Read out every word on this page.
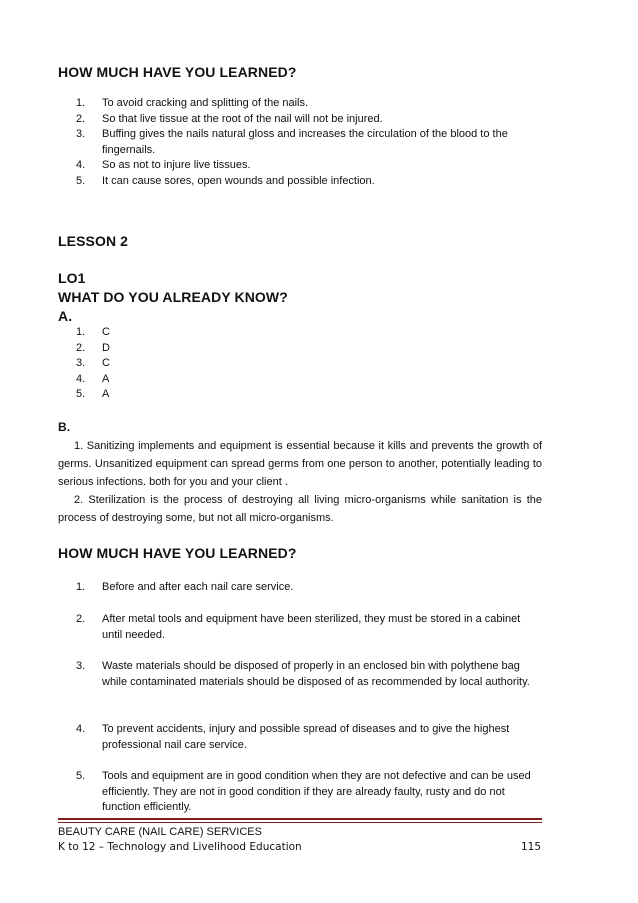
HOW MUCH HAVE YOU LEARNED?
1. To avoid cracking and splitting of the nails.
2. So that live tissue at the root of the nail will not be injured.
3. Buffing gives the nails natural gloss and increases the circulation of the blood to the fingernails.
4. So as not to injure live tissues.
5. It can cause sores, open wounds and possible infection.
LESSON 2
LO1
WHAT DO YOU ALREADY KNOW?
A.
1. C
2. D
3. C
4. A
5. A
B.
1. Sanitizing implements and equipment is essential because it kills and prevents the growth of germs. Unsanitized equipment can spread germs from one person to another, potentially leading to serious infections. both for you and your client .
2. Sterilization is the process of destroying all living micro-organisms while sanitation is the process of destroying some, but not all micro-organisms.
HOW MUCH HAVE YOU LEARNED?
1. Before and after each nail care service.
2. After metal tools and equipment have been sterilized, they must be stored in a cabinet until needed.
3. Waste materials should be disposed of properly in an enclosed bin with polythene bag while contaminated materials should be disposed of as recommended by local authority.
4. To prevent accidents, injury and possible spread of diseases and to give the highest professional nail care service.
5. Tools and equipment are in good condition when they are not defective and can be used efficiently. They are not in good condition if they are already faulty, rusty and do not function efficiently.
BEAUTY CARE (NAIL CARE) SERVICES
K to 12 – Technology and Livelihood Education	115
